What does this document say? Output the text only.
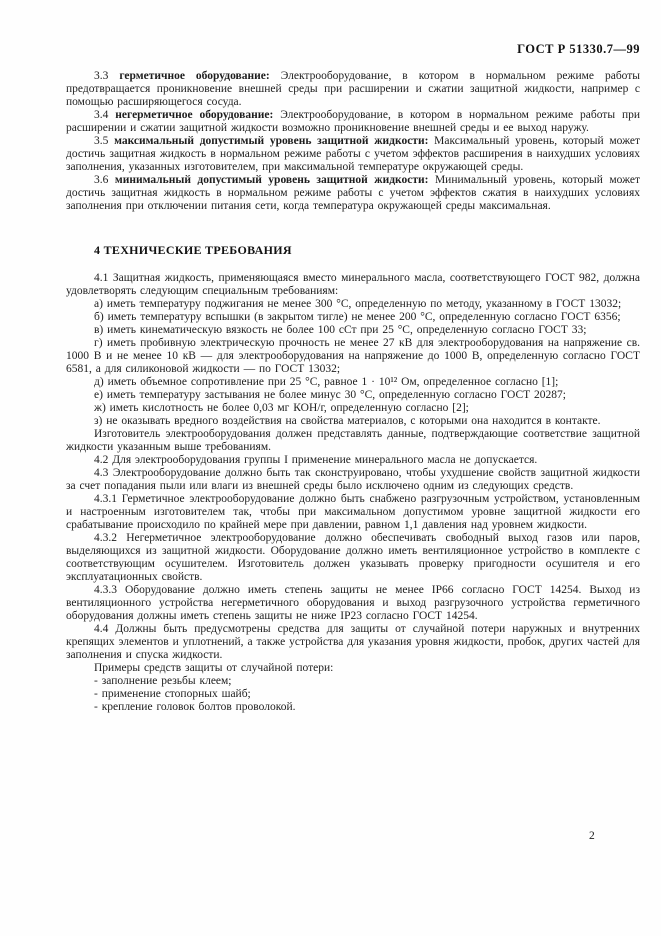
ГОСТ Р 51330.7—99

3.3 герметичное оборудование: Электрооборудование, в котором в нормальном режиме работы предотвращается проникновение внешней среды при расширении и сжатии защитной жидкости, например с помощью расширяющегося сосуда.

3.4 негерметичное оборудование: Электрооборудование, в котором в нормальном режиме работы при расширении и сжатии защитной жидкости возможно проникновение внешней среды и ее выход наружу.

3.5 максимальный допустимый уровень защитной жидкости: Максимальный уровень, который может достичь защитная жидкость в нормальном режиме работы с учетом эффектов расширения в наихудших условиях заполнения, указанных изготовителем, при максимальной температуре окружающей среды.

3.6 минимальный допустимый уровень защитной жидкости: Минимальный уровень, который может достичь защитная жидкость в нормальном режиме работы с учетом эффектов сжатия в наихудших условиях заполнения при отключении питания сети, когда температура окружающей среды максимальная.

4 ТЕХНИЧЕСКИЕ ТРЕБОВАНИЯ

4.1 Защитная жидкость, применяющаяся вместо минерального масла, соответствующего ГОСТ 982, должна удовлетворять следующим специальным требованиям:

а) иметь температуру поджигания не менее 300 °С, определенную по методу, указанному в ГОСТ 13032;

б) иметь температуру вспышки (в закрытом тигле) не менее 200 °С, определенную согласно ГОСТ 6356;

в) иметь кинематическую вязкость не более 100 сСт при 25 °С, определенную согласно ГОСТ 33;

г) иметь пробивную электрическую прочность не менее 27 кВ для электрооборудования на напряжение св. 1000 В и не менее 10 кВ — для электрооборудования на напряжение до 1000 В, определенную согласно ГОСТ 6581, а для силиконовой жидкости — по ГОСТ 13032;

д) иметь объемное сопротивление при 25 °С, равное 1 · 10¹² Ом, определенное согласно [1];

е) иметь температуру застывания не более минус 30 °С, определенную согласно ГОСТ 20287;

ж) иметь кислотность не более 0,03 мг КОН/г, определенную согласно [2];

з) не оказывать вредного воздействия на свойства материалов, с которыми она находится в контакте.

Изготовитель электрооборудования должен представлять данные, подтверждающие соответствие защитной жидкости указанным выше требованиям.

4.2 Для электрооборудования группы I применение минерального масла не допускается.

4.3 Электрооборудование должно быть так сконструировано, чтобы ухудшение свойств защитной жидкости за счет попадания пыли или влаги из внешней среды было исключено одним из следующих средств.

4.3.1 Герметичное электрооборудование должно быть снабжено разгрузочным устройством, установленным и настроенным изготовителем так, чтобы при максимальном допустимом уровне защитной жидкости его срабатывание происходило по крайней мере при давлении, равном 1,1 давления над уровнем жидкости.

4.3.2 Негерметичное электрооборудование должно обеспечивать свободный выход газов или паров, выделяющихся из защитной жидкости. Оборудование должно иметь вентиляционное устройство в комплекте с соответствующим осушителем. Изготовитель должен указывать проверку пригодности осушителя и его эксплуатационных свойств.

4.3.3 Оборудование должно иметь степень защиты не менее IP66 согласно ГОСТ 14254. Выход из вентиляционного устройства негерметичного оборудования и выход разгрузочного устройства герметичного оборудования должны иметь степень защиты не ниже IP23 согласно ГОСТ 14254.

4.4 Должны быть предусмотрены средства для защиты от случайной потери наружных и внутренних крепящих элементов и уплотнений, а также устройства для указания уровня жидкости, пробок, других частей для заполнения и спуска жидкости.

Примеры средств защиты от случайной потери:

- заполнение резьбы клеем;

- применение стопорных шайб;

- крепление головок болтов проволокой.

2
